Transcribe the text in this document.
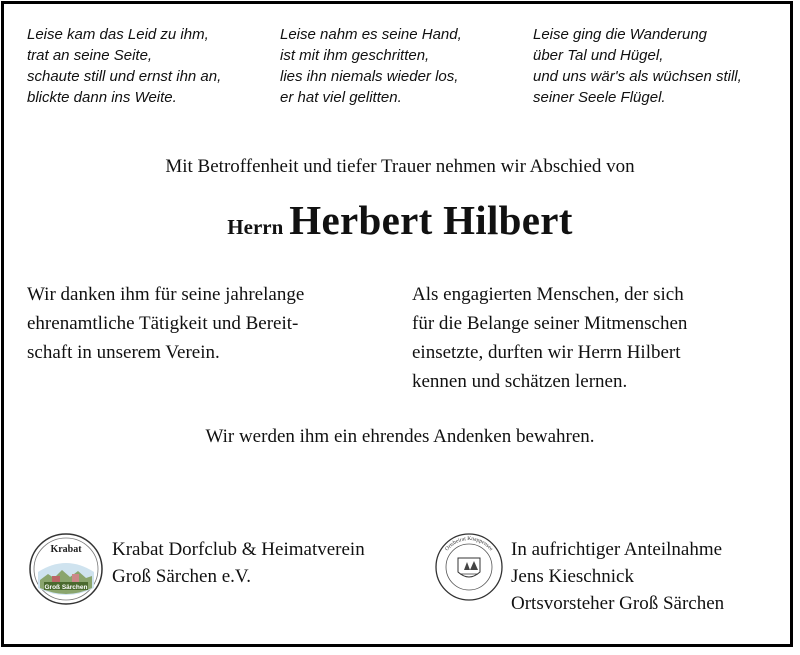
Leise kam das Leid zu ihm,
trat an seine Seite,
schaute still und ernst ihn an,
blickte dann ins Weite.
Leise nahm es seine Hand,
ist mit ihm geschritten,
lies ihn niemals wieder los,
er hat viel gelitten.
Leise ging die Wanderung
über Tal und Hügel,
und uns wär's als wüchsen still,
seiner Seele Flügel.
Mit Betroffenheit und tiefer Trauer nehmen wir Abschied von
Herrn Herbert Hilbert
Wir danken ihm für seine jahrelange
ehrenamtliche Tätigkeit und Bereit-
schaft in unserem Verein.
Als engagierten Menschen, der sich
für die Belange seiner Mitmenschen
einsetzte, durften wir Herrn Hilbert
kennen und schätzen lernen.
Wir werden ihm ein ehrendes Andenken bewahren.
Krabat
Groß Särchen
Krabat Dorfclub & Heimatverein
Groß Särchen e.V.
Ortsbeirat Knappensee In aufrichtiger Anteilnahme
Jens Kieschnick
Ortsvorsteher Groß Särchen
